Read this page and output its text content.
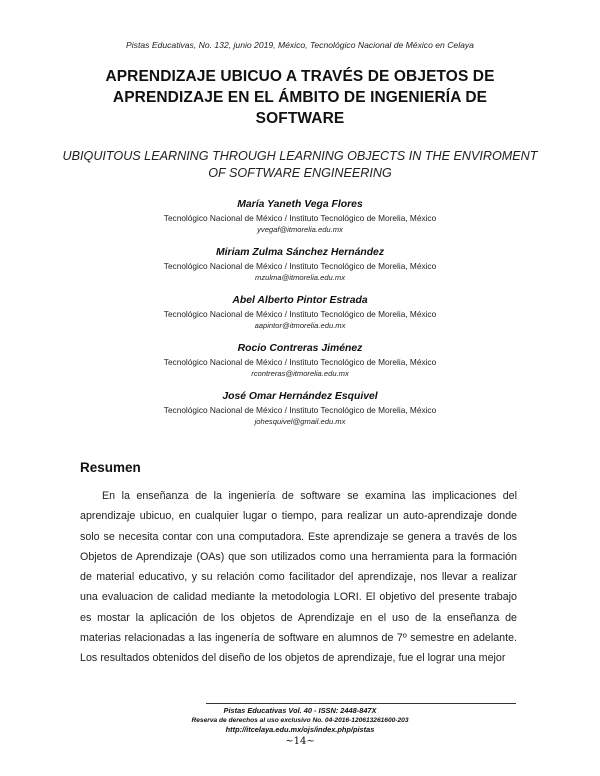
Pistas Educativas, No. 132, junio 2019, México, Tecnológico Nacional de México en Celaya
APRENDIZAJE UBICUO A TRAVÉS DE OBJETOS DE APRENDIZAJE EN EL ÁMBITO DE INGENIERÍA DE SOFTWARE
UBIQUITOUS LEARNING THROUGH LEARNING OBJECTS IN THE ENVIROMENT OF SOFTWARE ENGINEERING
María Yaneth Vega Flores
Tecnológico Nacional de México / Instituto Tecnológico de Morelia, México
yvegaf@itmorelia.edu.mx
Miriam Zulma Sánchez Hernández
Tecnológico Nacional de México / Instituto Tecnológico de Morelia, México
mzulma@itmorelia.edu.mx
Abel Alberto Pintor Estrada
Tecnológico Nacional de México / Instituto Tecnológico de Morelia, México
aapintor@itmorelia.edu.mx
Rocio Contreras Jiménez
Tecnológico Nacional de México / Instituto Tecnológico de Morelia, México
rcontreras@itmorelia.edu.mx
José Omar Hernández Esquivel
Tecnológico Nacional de México / Instituto Tecnológico de Morelia, México
johesquivel@gmail.edu.mx
Resumen

En la enseñanza de la ingeniería de software se examina las implicaciones del aprendizaje ubicuo, en cualquier lugar o tiempo, para realizar un auto-aprendizaje donde solo se necesita contar con una computadora. Este aprendizaje se genera a través de los Objetos de Aprendizaje (OAs) que son utilizados como una herramienta para la formación de material educativo, y su relación como facilitador del aprendizaje, nos llevar a realizar una evaluacion de calidad mediante la metodologia LORI. El objetivo del presente trabajo es mostar la aplicación de los objetos de Aprendizaje en el uso de la enseñanza de materias relacionadas a las ingenería de software en alumnos de 7º semestre en adelante. Los resultados obtenidos del diseño de los objetos de aprendizaje, fue el lograr una mejor

Pistas Educativas Vol. 40 - ISSN: 2448-847X
Reserva de derechos al uso exclusivo No. 04-2016-120613261600-203
http://itcelaya.edu.mx/ojs/index.php/pistas
~14~
